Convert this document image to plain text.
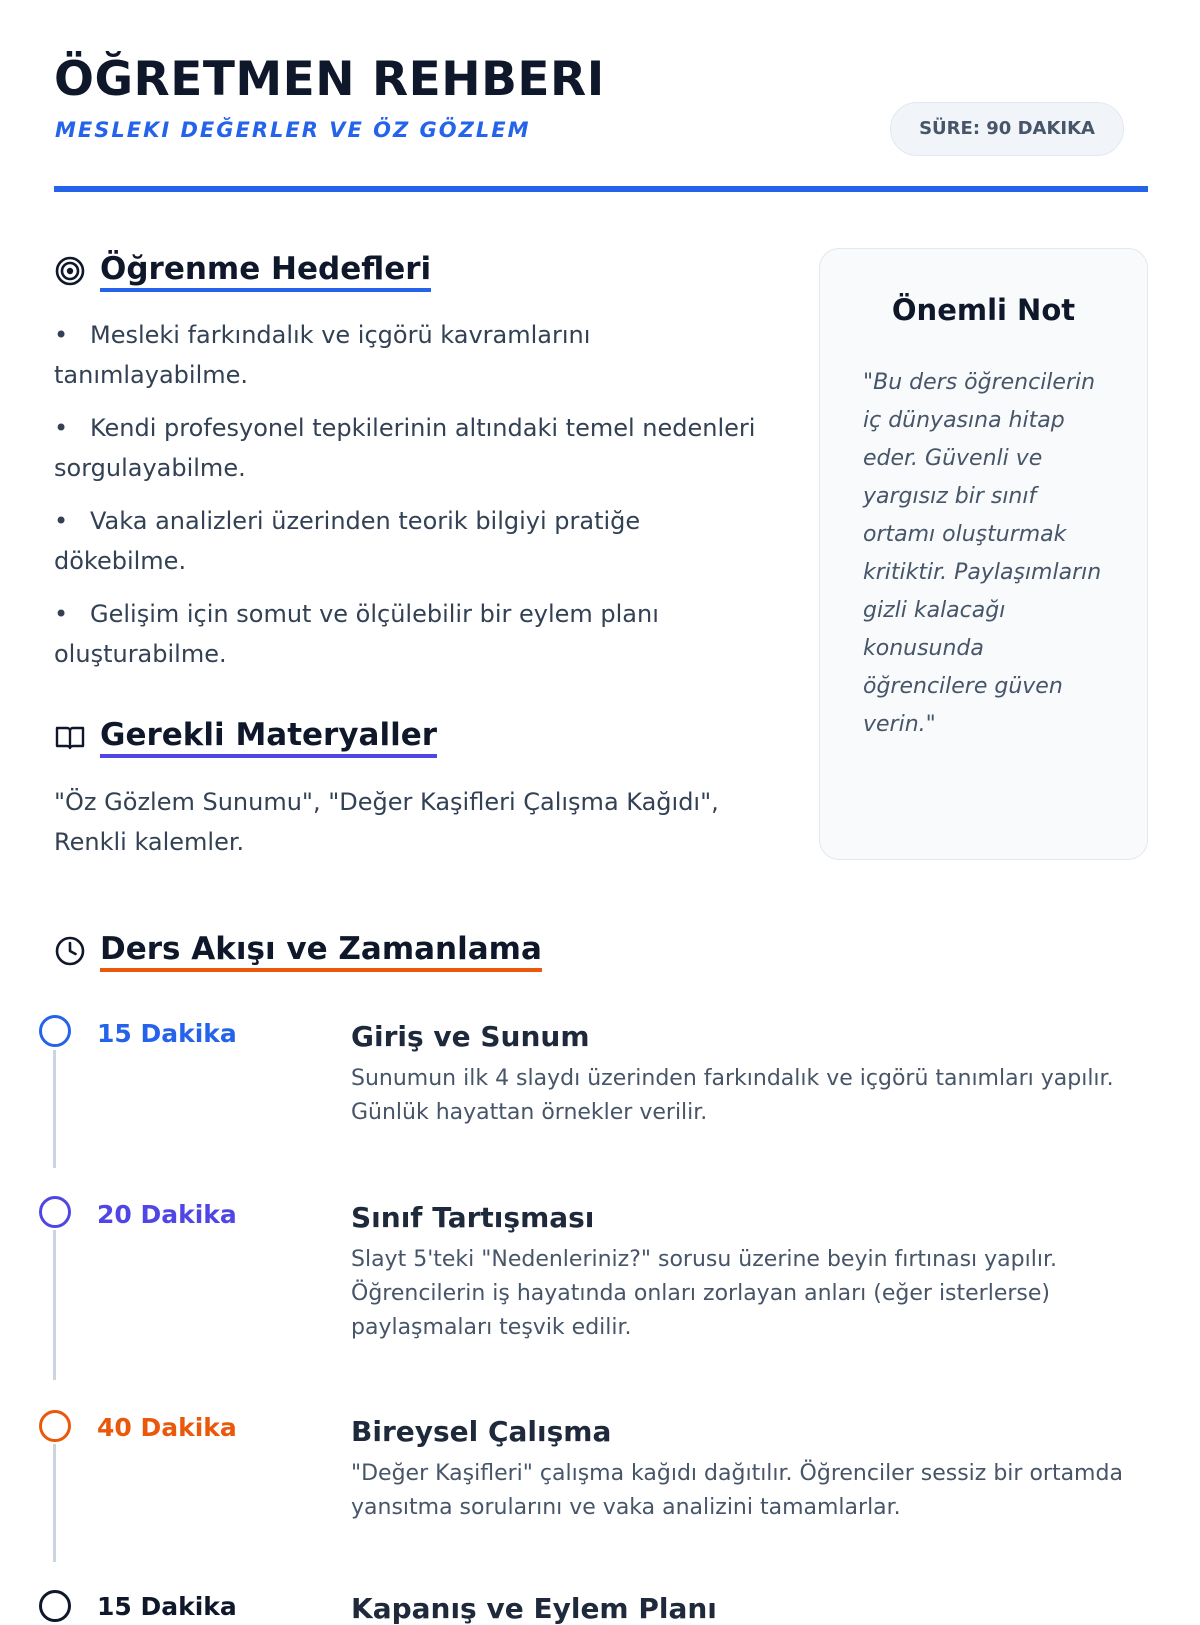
ÖĞRETMEN REHBERI
MESLEKI DEĞERLER VE ÖZ GÖZLEM	SÜRE: 90 DAKIKA
Öğrenme Hedefleri
• Mesleki farkındalık ve içgörü kavramlarını tanımlayabilme.
• Kendi profesyonel tepkilerinin altındaki temel nedenleri sorgulayabilme.
• Vaka analizleri üzerinden teorik bilgiyi pratiğe dökebilme.
• Gelişim için somut ve ölçülebilir bir eylem planı oluşturabilme.
Gerekli Materyaller
"Öz Gözlem Sunumu", "Değer Kaşifleri Çalışma Kağıdı", Renkli kalemler.
Önemli Not
"Bu ders öğrencilerin iç dünyasına hitap eder. Güvenli ve yargısız bir sınıf ortamı oluşturmak kritiktir. Paylaşımların gizli kalacağı konusunda öğrencilere güven verin."
Ders Akışı ve Zamanlama
15 Dakika	Giriş ve Sunum
Sunumun ilk 4 slaydı üzerinden farkındalık ve içgörü tanımları yapılır. Günlük hayattan örnekler verilir.
20 Dakika	Sınıf Tartışması
Slayt 5'teki "Nedenleriniz?" sorusu üzerine beyin fırtınası yapılır. Öğrencilerin iş hayatında onları zorlayan anları (eğer isterlerse) paylaşmaları teşvik edilir.
40 Dakika	Bireysel Çalışma
"Değer Kaşifleri" çalışma kağıdı dağıtılır. Öğrenciler sessiz bir ortamda yansıtma sorularını ve vaka analizini tamamlarlar.
15 Dakika	Kapanış ve Eylem Planı
